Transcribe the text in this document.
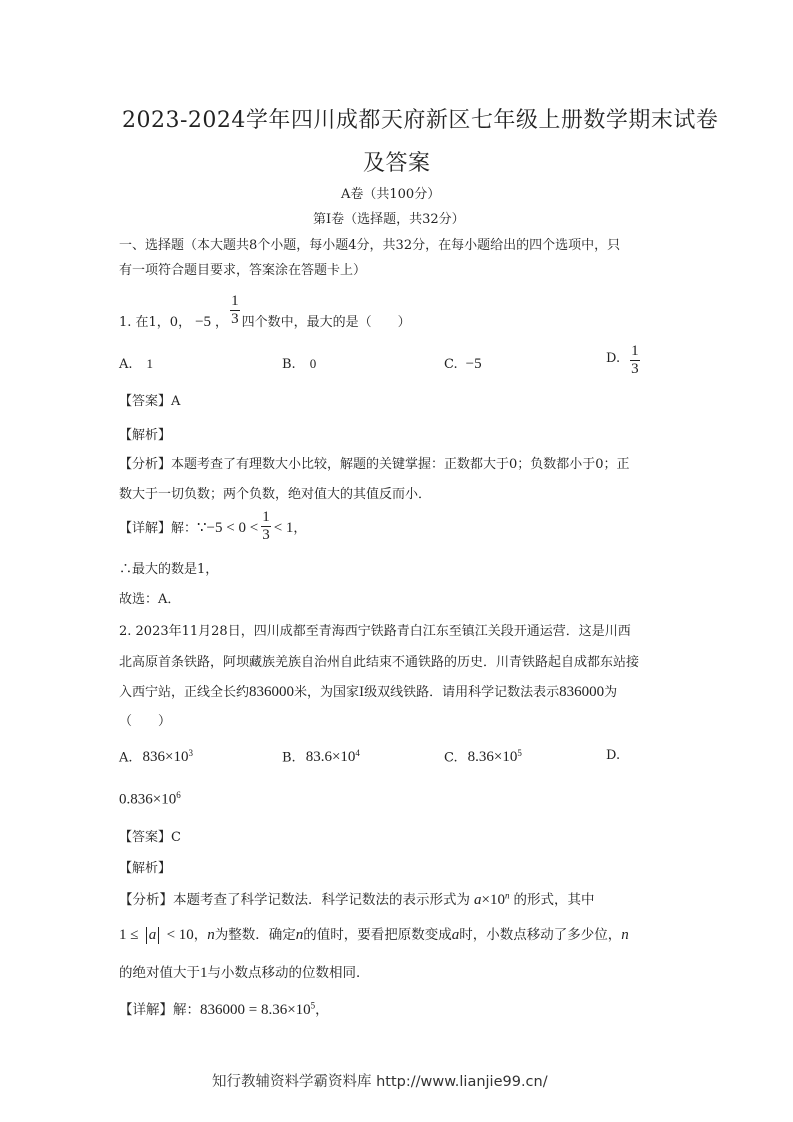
2023-2024学年四川成都天府新区七年级上册数学期末试卷
及答案
A卷（共100分）
第Ⅰ卷（选择题，共32分）
一、选择题（本大题共8个小题，每小题4分，共32分，在每小题给出的四个选项中，只
有一项符合题目要求，答案涂在答题卡上）
1. 在1，0， −5 ， $\frac{1}{3}$ 四个数中，最大的是（　　）
A. 1	B. 0	C. −5	D. $\frac{1}{3}$
【答案】A
【解析】
【分析】本题考查了有理数大小比较，解题的关键掌握：正数都大于0；负数都小于0；正
数大于一切负数；两个负数，绝对值大的其值反而小．
【详解】解：∵−5 < $0 < \frac{1}{3} < 1$，
∴最大的数是1，
故选：A．
2. 2023年11月28日，四川成都至青海西宁铁路青白江东至镇江关段开通运营．这是川西
北高原首条铁路，阿坝藏族羌族自治州自此结束不通铁路的历史．川青铁路起自成都东站接
入西宁站，正线全长约836000米，为国家Ⅰ级双线铁路．请用科学记数法表示836000为
（　　）
A. $836\times 10^3$	B. $83.6\times 10^4$	C. $8.36\times 10^5$	D.
$0.836\times 10^6$
【答案】C
【解析】
【分析】本题考查了科学记数法．科学记数法的表示形式为 $a\times 10^n$ 的形式，其中
1 ≤ a < 10，n为整数．确定n的值时，要看把原数变成a时，小数点移动了多少位，n
的绝对值大于1与小数点移动的位数相同．
【详解】解：$836000 = 8.36\times 10^5$，
知行教辅资料学霸资料库 http://www.lianjie99.cn/
